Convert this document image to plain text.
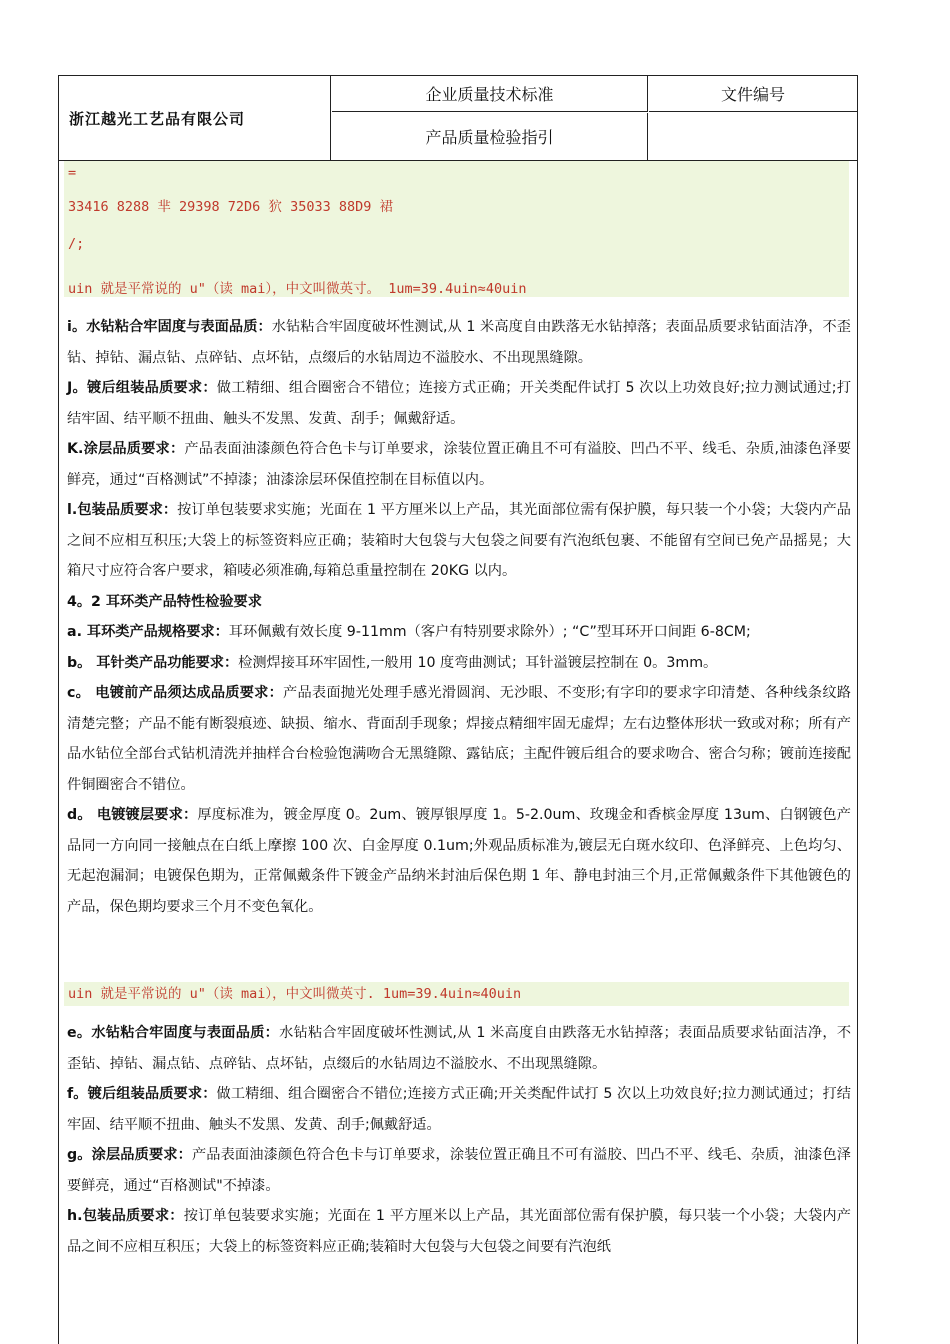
浙江越光工艺品有限公司
企业质量技术标准	文件编号
产品质量检验指引
=
33416 8288 芈 29398 72D6 狖 35033 88D9 裙
/;
uin 就是平常说的 u"（读 mai），中文叫微英寸。 1um=39.4uin≈40uin
i。水钻粘合牢固度与表面品质：水钻粘合牢固度破坏性测试,从 1 米高度自由跌落无水钻掉落；表面品质要求钻面洁净，不歪钻、掉钻、漏点钻、点碎钻、点坏钻，点缀后的水钻周边不溢胶水、不出现黑缝隙。
J。镀后组装品质要求：做工精细、组合圈密合不错位；连接方式正确；开关类配件试打 5 次以上功效良好;拉力测试通过;打结牢固、结平顺不扭曲、触头不发黑、发黄、刮手；佩戴舒适。
K.涂层品质要求：产品表面油漆颜色符合色卡与订单要求，涂装位置正确且不可有溢胶、凹凸不平、线毛、杂质,油漆色泽要鲜亮，通过“百格测试”不掉漆；油漆涂层环保值控制在目标值以内。
l.包装品质要求：按订单包装要求实施；光面在 1 平方厘米以上产品，其光面部位需有保护膜，每只装一个小袋；大袋内产品之间不应相互积压;大袋上的标签资料应正确；装箱时大包袋与大包袋之间要有汽泡纸包裹、不能留有空间已免产品摇晃；大箱尺寸应符合客户要求，箱唛必须准确,每箱总重量控制在 20KG 以内。
4。2 耳环类产品特性检验要求
a. 耳环类产品规格要求：耳环佩戴有效长度 9-11mm（客户有特别要求除外）; “C”型耳环开口间距 6-8CM;
b。 耳针类产品功能要求：检测焊接耳环牢固性,一般用 10 度弯曲测试；耳针溢镀层控制在 0。3mm。
c。 电镀前产品须达成品质要求：产品表面抛光处理手感光滑圆润、无沙眼、不变形;有字印的要求字印清楚、各种线条纹路清楚完整；产品不能有断裂痕迹、缺损、缩水、背面刮手现象；焊接点精细牢固无虚焊；左右边整体形状一致或对称；所有产品水钻位全部台式钻机清洗并抽样合台检验饱满吻合无黑缝隙、露钻底；主配件镀后组合的要求吻合、密合匀称；镀前连接配件铜圈密合不错位。
d。 电镀镀层要求：厚度标准为，镀金厚度 0。2um、镀厚银厚度 1。5-2.0um、玫瑰金和香槟金厚度 13um、白钢镀色产品同一方向同一接触点在白纸上摩擦 100 次、白金厚度 0.1um;外观品质标准为,镀层无白斑水纹印、色泽鲜亮、上色均匀、无起泡漏洞；电镀保色期为，正常佩戴条件下镀金产品纳米封油后保色期 1 年、静电封油三个月,正常佩戴条件下其他镀色的产品，保色期均要求三个月不变色氧化。
uin 就是平常说的 u"（读 mai），中文叫微英寸. 1um=39.4uin≈40uin
e。水钻粘合牢固度与表面品质：水钻粘合牢固度破坏性测试,从 1 米高度自由跌落无水钻掉落；表面品质要求钻面洁净，不歪钻、掉钻、漏点钻、点碎钻、点坏钻，点缀后的水钻周边不溢胶水、不出现黑缝隙。
f。镀后组装品质要求：做工精细、组合圈密合不错位;连接方式正确;开关类配件试打 5 次以上功效良好;拉力测试通过；打结牢固、结平顺不扭曲、触头不发黑、发黄、刮手;佩戴舒适。
g。涂层品质要求：产品表面油漆颜色符合色卡与订单要求，涂装位置正确且不可有溢胶、凹凸不平、线毛、杂质，油漆色泽要鲜亮，通过“百格测试"不掉漆。
h.包装品质要求：按订单包装要求实施；光面在 1 平方厘米以上产品，其光面部位需有保护膜，每只装一个小袋；大袋内产品之间不应相互积压；大袋上的标签资料应正确;装箱时大包袋与大包袋之间要有汽泡纸
